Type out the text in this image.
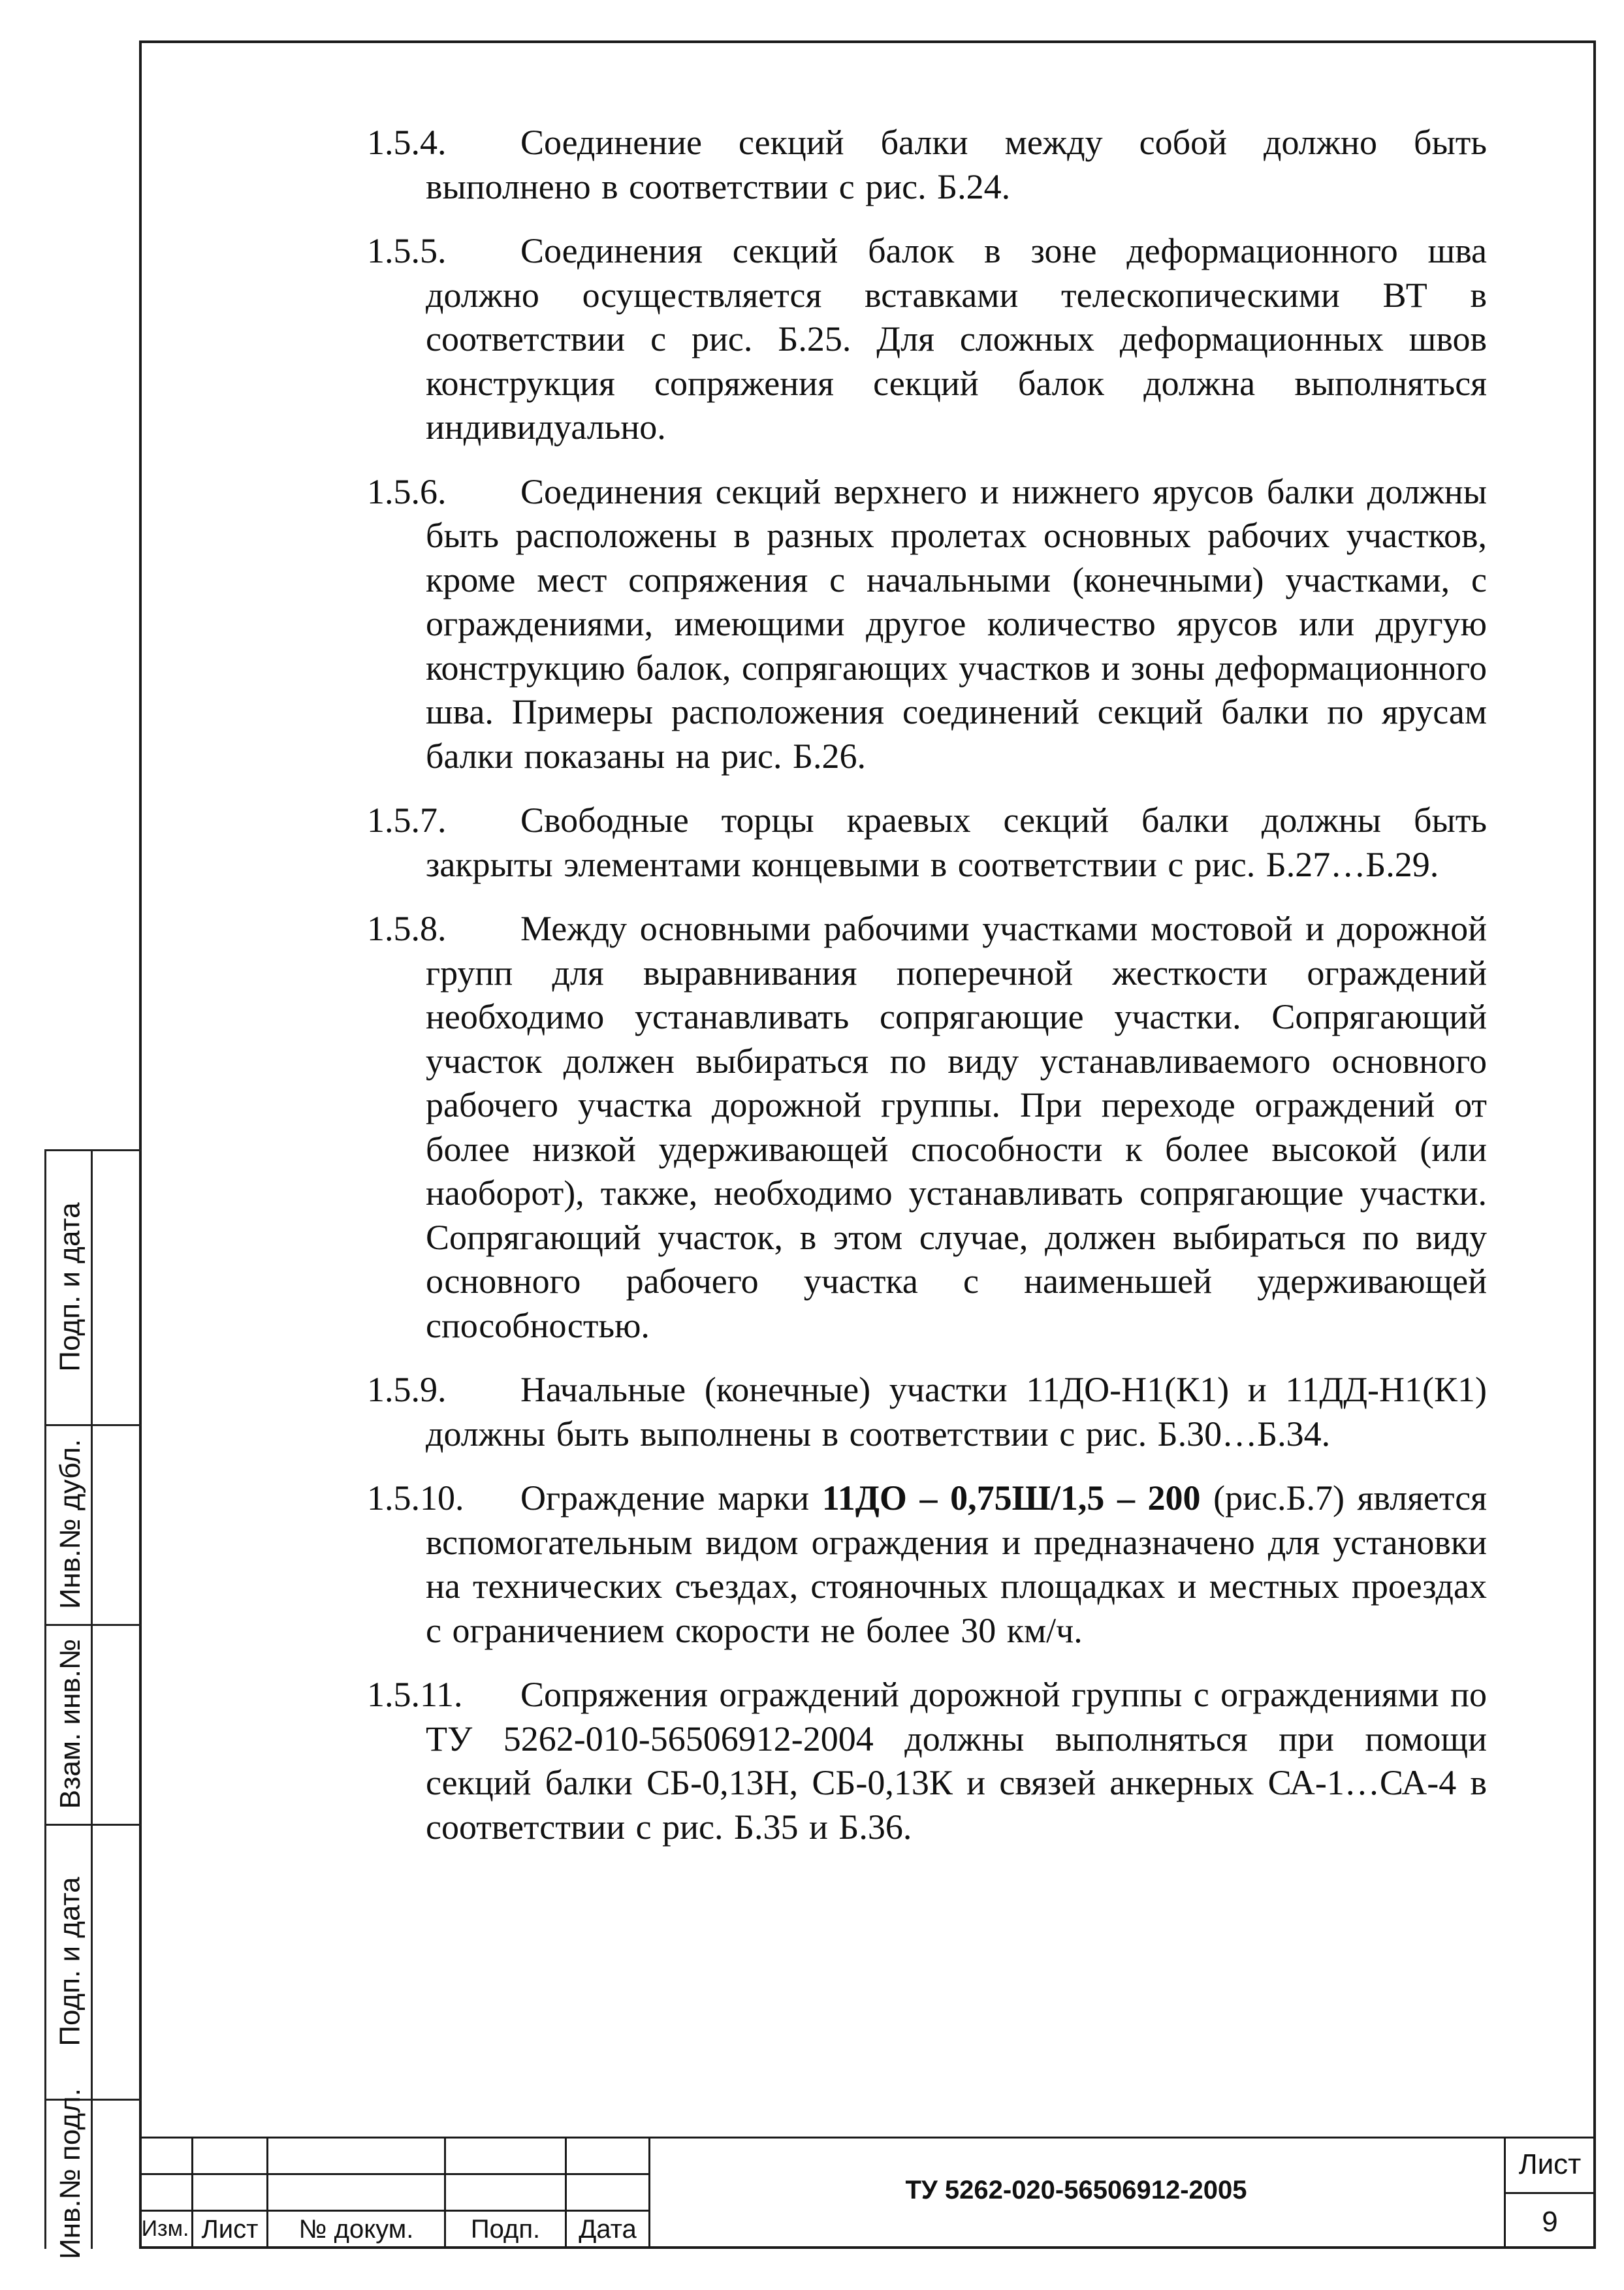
Подп. и дата
Инв.№ дубл.
Взам. инв.№
Подп. и дата
Инв.№ подл.

1.5.4. Соединение секций балки между собой должно быть выполнено в соответствии с рис. Б.24.

1.5.5. Соединения секций балок в зоне деформационного шва должно осуществляется вставками телескопическими ВТ в соответствии с рис. Б.25. Для сложных деформационных швов конструкция сопряжения секций балок должна выполняться индивидуально.

1.5.6. Соединения секций верхнего и нижнего ярусов балки должны быть расположены в разных пролетах основных рабочих участков, кроме мест сопряжения с начальными (конечными) участками, с ограждениями, имеющими другое количество ярусов или другую конструкцию балок, сопрягающих участков и зоны деформационного шва. Примеры расположения соединений секций балки по ярусам балки показаны на рис. Б.26.

1.5.7. Свободные торцы краевых секций балки должны быть закрыты элементами концевыми в соответствии с рис. Б.27…Б.29.

1.5.8. Между основными рабочими участками мостовой и дорожной групп для выравнивания поперечной жесткости ограждений необходимо устанавливать сопрягающие участки. Сопрягающий участок должен выбираться по виду устанавливаемого основного рабочего участка дорожной группы. При переходе ограждений от более низкой удерживающей способности к более высокой (или наоборот), также, необходимо устанавливать сопрягающие участки. Сопрягающий участок, в этом случае, должен выбираться по виду основного рабочего участка с наименьшей удерживающей способностью.

1.5.9. Начальные (конечные) участки 11ДО-Н1(К1) и 11ДД-Н1(К1) должны быть выполнены в соответствии с рис. Б.30…Б.34.

1.5.10. Ограждение марки 11ДО – 0,75Ш/1,5 – 200 (рис.Б.7) является вспомогательным видом ограждения и предназначено для установки на технических съездах, стояночных площадках и местных проездах с ограничением скорости не более 30 км/ч.

1.5.11. Сопряжения ограждений дорожной группы с ограждениями по ТУ 5262-010-56506912-2004 должны выполняться при помощи секций балки СБ-0,13Н, СБ-0,13К и связей анкерных СА-1…СА-4 в соответствии с рис. Б.35 и Б.36.

Изм. Лист	№ докум.	Подп.	Дата
ТУ 5262-020-56506912-2005
Лист
9
